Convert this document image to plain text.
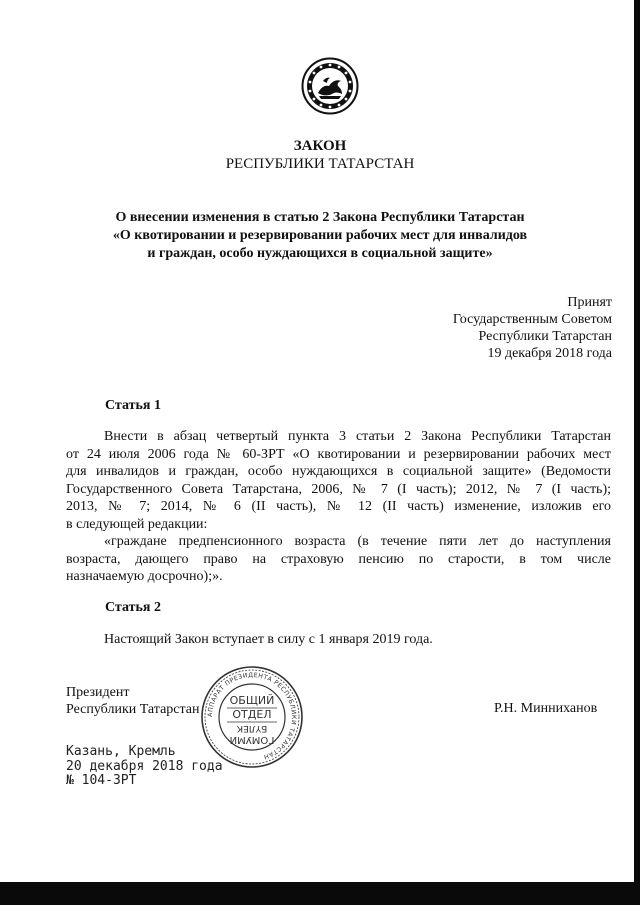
ЗАКОН
РЕСПУБЛИКИ ТАТАРСТАН
О внесении изменения в статью 2 Закона Республики Татарстан
«О квотировании и резервировании рабочих мест для инвалидов
и граждан, особо нуждающихся в социальной защите»
Принят
Государственным Советом
Республики Татарстан
19 декабря 2018 года
Статья 1
Внести в абзац четвертый пункта 3 статьи 2 Закона Республики Татарстан
от 24 июля 2006 года № 60-ЗРТ «О квотировании и резервировании рабочих мест
для инвалидов и граждан, особо нуждающихся в социальной защите» (Ведомости
Государственного Совета Татарстана, 2006, № 7 (I часть); 2012, № 7 (I часть);
2013, № 7; 2014, № 6 (II часть), № 12 (II часть) изменение, изложив его
в следующей редакции:
«граждане предпенсионного возраста (в течение пяти лет до наступления
возраста, дающего право на страховую пенсию по старости, в том числе
назначаемую досрочно);».
Статья 2
Настоящий Закон вступает в силу с 1 января 2019 года.
АППАРАТ ПРЕЗИДЕНТА РЕСПУБЛИКИ ТАТАРСТАН
ОБЩИЙ
ОТДЕЛ
БҮЛЕК
ГОМУМИ
Президент
Республики Татарстан	Р.Н. Минниханов
Казань, Кремль
20 декабря 2018 года
№ 104-ЗРТ
